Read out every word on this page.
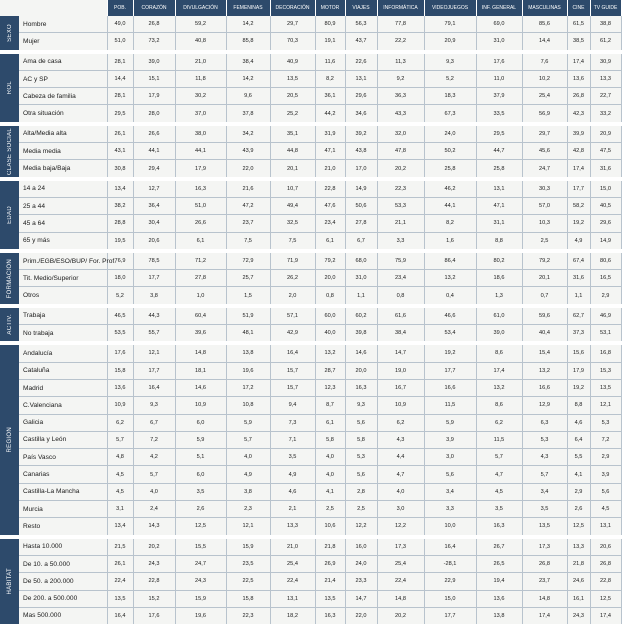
		POB.	CORAZÓN	DIVULGACIÓN	FEMENINAS	DECORACIÓN	MOTOR	VIAJES	INFORMÁTICA	VIDEOJUEGOS	INF. GENERAL	MASCULINAS	CINE	TV GUIDE

SEXO	Hombre	49,0	26,8	59,2	14,2	29,7	80,9	56,3	77,8	79,1	69,0	85,6	61,5	38,8
	Mujer	51,0	73,2	40,8	85,8	70,3	19,1	43,7	22,2	20,9	31,0	14,4	38,5	61,2

ROL	Ama de casa	28,1	39,0	21,0	38,4	40,9	11,6	22,6	11,3	9,3	17,6	7,6	17,4	30,9
	AC y SP	14,4	15,1	11,8	14,2	13,5	8,2	13,1	9,2	5,2	11,0	10,2	13,6	13,3
	Cabeza de familia	28,1	17,9	30,2	9,6	20,5	36,1	29,6	36,3	18,3	37,9	25,4	26,8	22,7
	Otra situación	29,5	28,0	37,0	37,8	25,2	44,2	34,6	43,3	67,3	33,5	56,9	42,3	33,2

CLASE SOCIAL	Alta/Media alta	26,1	26,6	38,0	34,2	35,1	31,9	39,2	32,0	24,0	29,5	29,7	39,9	20,9
	Media media	43,1	44,1	44,1	43,9	44,8	47,1	43,8	47,8	50,2	44,7	45,6	42,8	47,5
	Media baja/Baja	30,8	29,4	17,9	22,0	20,1	21,0	17,0	20,2	25,8	25,8	24,7	17,4	31,6

EDAD	14 a 24	13,4	12,7	16,3	21,6	10,7	22,8	14,9	22,3	46,2	13,1	30,3	17,7	15,0
	25 a 44	38,2	36,4	51,0	47,2	49,4	47,6	50,6	53,3	44,1	47,1	57,0	58,2	40,5
	45 a 64	28,8	30,4	26,6	23,7	32,5	23,4	27,8	21,1	8,2	31,1	10,3	19,2	29,6
	65 y más	19,5	20,6	6,1	7,5	7,5	6,1	6,7	3,3	1,6	8,8	2,5	4,9	14,9

FORMACIÓN	Prim./EGB/ESO/BUP/ For. Prof.	76,9	78,5	71,2	72,9	71,9	79,2	68,0	75,9	86,4	80,2	79,2	67,4	80,6
	Tit. Medio/Superior	18,0	17,7	27,8	25,7	26,2	20,0	31,0	23,4	13,2	18,6	20,1	31,6	16,5
	Otros	5,2	3,8	1,0	1,5	2,0	0,8	1,1	0,8	0,4	1,3	0,7	1,1	2,9

ACTIV.	Trabaja	46,5	44,3	60,4	51,9	57,1	60,0	60,2	61,6	46,6	61,0	59,6	62,7	46,9
	No trabaja	53,5	55,7	39,6	48,1	42,9	40,0	39,8	38,4	53,4	39,0	40,4	37,3	53,1

REGIÓN	Andalucía	17,6	12,1	14,8	13,8	16,4	13,2	14,6	14,7	19,2	8,6	15,4	15,6	16,8
	Cataluña	15,8	17,7	18,1	19,6	15,7	28,7	20,0	19,0	17,7	17,4	13,2	17,9	15,3
	Madrid	13,6	16,4	14,6	17,2	15,7	12,3	16,3	16,7	16,6	13,2	16,6	19,2	13,5
	C.Valenciana	10,9	9,3	10,9	10,8	9,4	8,7	9,3	10,9	11,5	8,6	12,9	8,8	12,1
	Galicia	6,2	6,7	6,0	5,9	7,3	6,1	5,6	6,2	5,9	6,2	6,3	4,6	5,3
	Castilla y León	5,7	7,2	5,9	5,7	7,1	5,8	5,8	4,3	3,9	11,5	5,3	6,4	7,2
	País Vasco	4,8	4,2	5,1	4,0	3,5	4,0	5,3	4,4	3,0	5,7	4,3	5,5	2,9
	Canarias	4,5	5,7	6,0	4,9	4,9	4,0	5,6	4,7	5,6	4,7	5,7	4,1	3,9
	Castilla-La Mancha	4,5	4,0	3,5	3,8	4,6	4,1	2,8	4,0	3,4	4,5	3,4	2,9	5,6
	Murcia	3,1	2,4	2,6	2,3	2,1	2,5	2,5	3,0	3,3	3,5	3,5	2,6	4,5
	Resto	13,4	14,3	12,5	12,1	13,3	10,6	12,2	12,2	10,0	16,3	13,5	12,5	13,1

HÁBITAT	Hasta 10.000	21,5	20,2	15,5	15,9	21,0	21,8	16,0	17,3	16,4	26,7	17,3	13,3	20,6
	De 10. a 50.000	26,1	24,3	24,7	23,5	25,4	26,9	24,0	25,4	-28,1	26,5	26,8	21,8	26,8
	De 50. a 200.000	22,4	22,8	24,3	22,5	22,4	21,4	23,3	22,4	22,9	19,4	23,7	24,6	22,8
	De 200. a 500.000	13,5	15,2	15,9	15,8	13,1	13,5	14,7	14,8	15,0	13,6	14,8	16,1	12,5
	Mas 500.000	16,4	17,6	19,6	22,3	18,2	16,3	22,0	20,2	17,7	13,8	17,4	24,3	17,4
